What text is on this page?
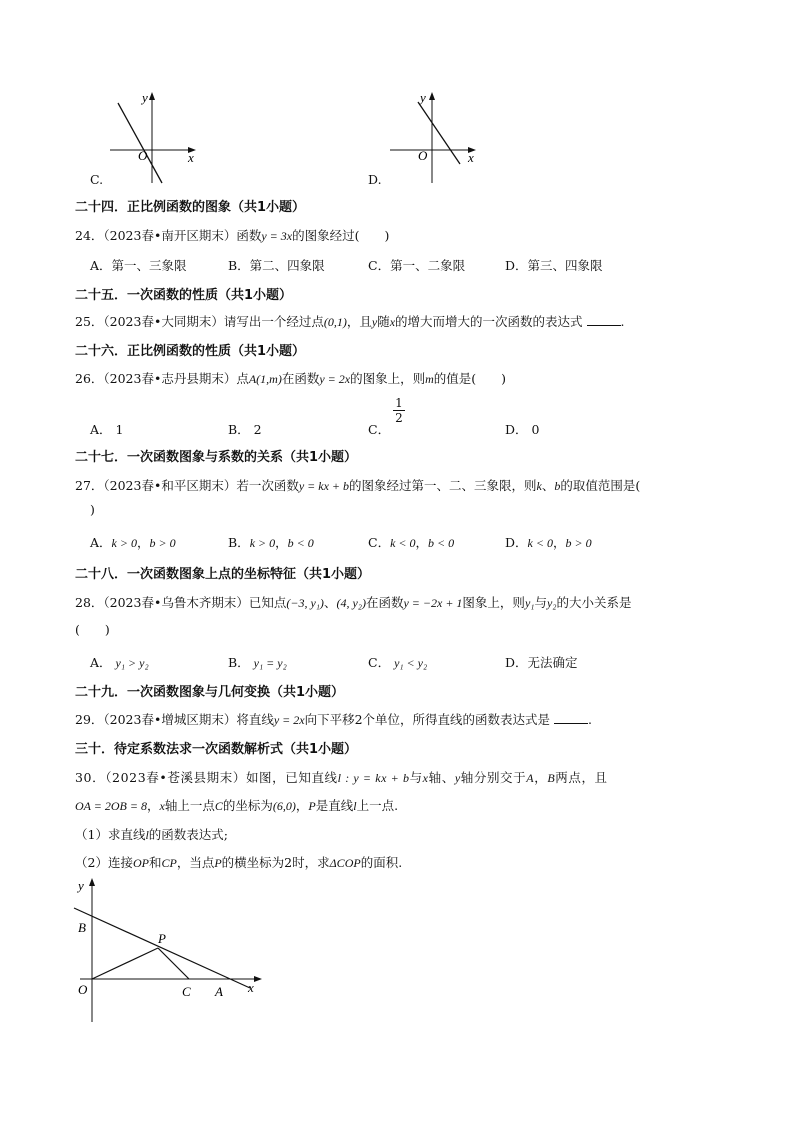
y
x
O
C.
y
x
O
D.
二十四．正比例函数的图象（共1小题）
24．（2023春•南开区期末）函数y = 3x的图象经过(　　)
A．第一、三象限	B．第二、四象限	C．第一、二象限	D．第三、四象限
二十五．一次函数的性质（共1小题）
25．（2023春•大同期末）请写出一个经过点(0,1)，且y随x的增大而增大的一次函数的表达式	.
二十六．正比例函数的性质（共1小题）
26．（2023春•志丹县期末）点A(1,m)在函数y = 2x的图象上，则m的值是(　　)
A． 1	B． 2	C．
1
2
D． 0
二十七．一次函数图象与系数的关系（共1小题）
27．（2023春•和平区期末）若一次函数y = kx + b的图象经过第一、二、三象限，则k、b的取值范围是(
)
A．k > 0，b > 0	B．k > 0，b < 0	C．k < 0，b < 0	D．k < 0，b > 0
二十八．一次函数图象上点的坐标特征（共1小题）
28．（2023春•乌鲁木齐期末）已知点(−3, y₁)、(4, y₂)在函数y = −2x + 1图象上，则y₁与y₂的大小关系是
(　　)
A． y₁ > y₂	B． y₁ = y₂	C． y₁ < y₂	D．无法确定
二十九．一次函数图象与几何变换（共1小题）
29．（2023春•增城区期末）将直线y = 2x向下平移2个单位，所得直线的函数表达式是	.
三十．待定系数法求一次函数解析式（共1小题）
30．（2023春•苍溪县期末）如图，已知直线l : y = kx + b与x轴、y轴分别交于A，B两点，且
OA = 2OB = 8，x轴上一点C的坐标为(6,0)，P是直线l上一点.
（1）求直线l的函数表达式;
（2）连接OP和CP，当点P的横坐标为2时，求ΔCOP的面积.
y
x
O
B
P
C A
